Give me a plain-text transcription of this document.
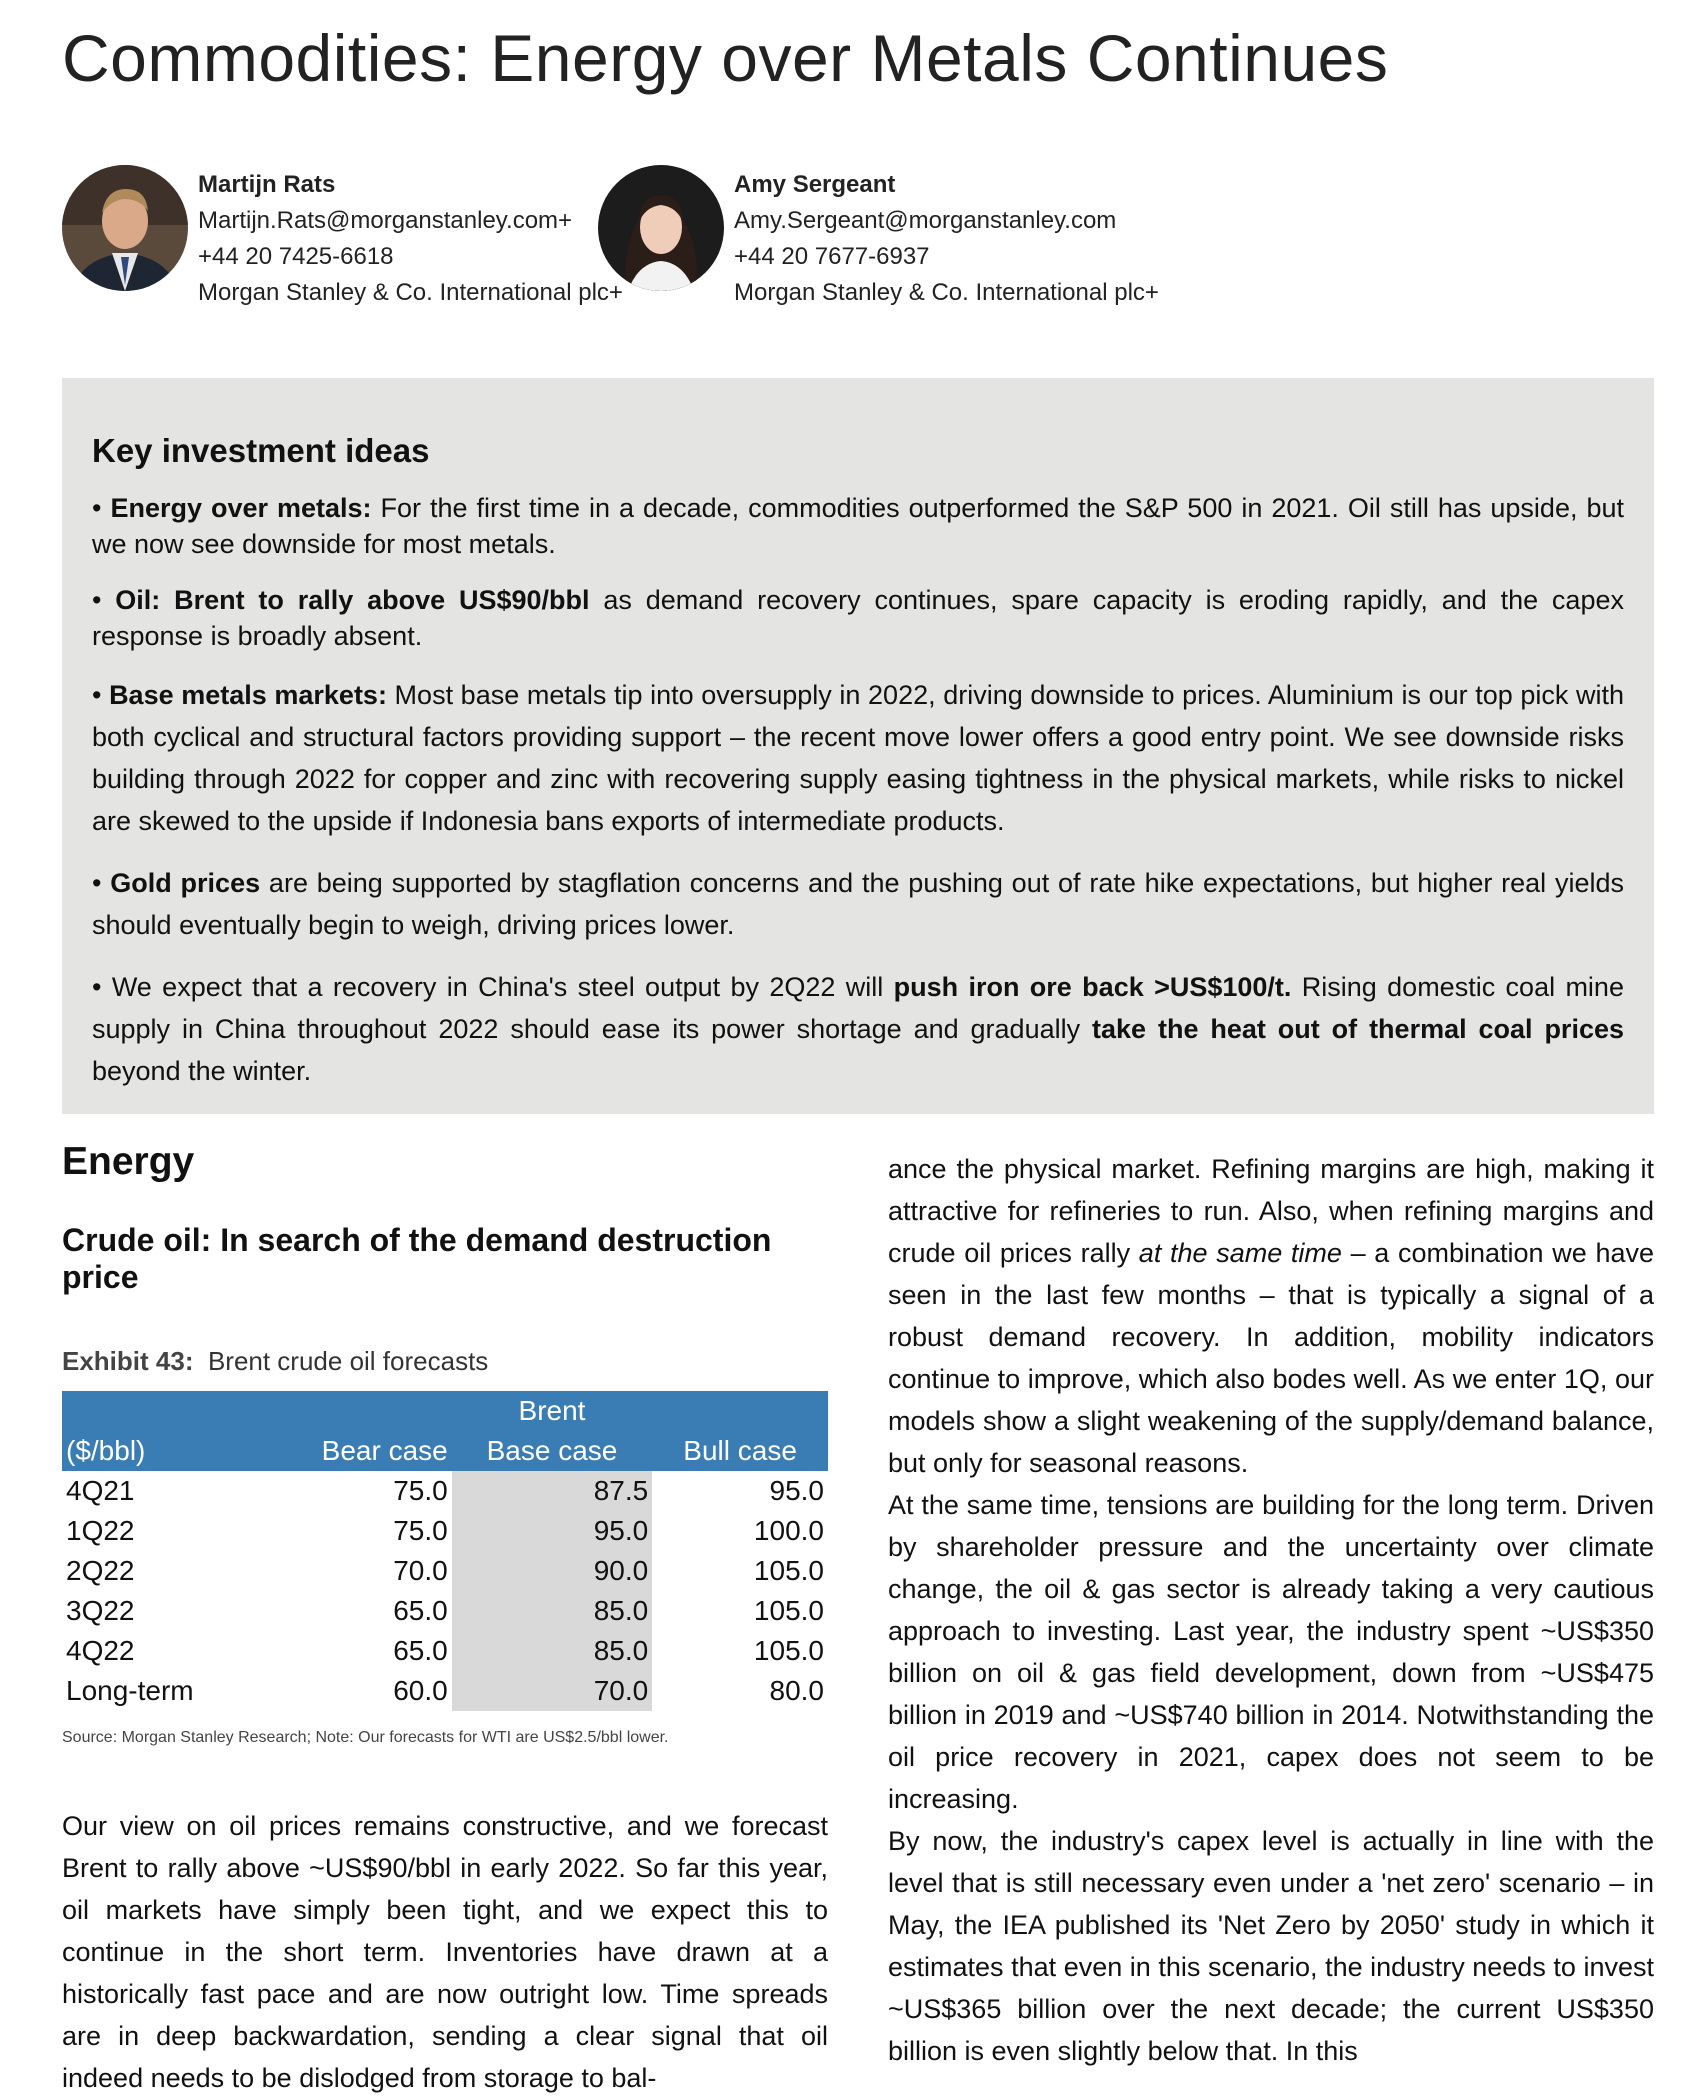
Commodities: Energy over Metals Continues
Martijn Rats
Martijn.Rats@morganstanley.com+
+44 20 7425-6618
Morgan Stanley & Co. International plc+
Amy Sergeant
Amy.Sergeant@morganstanley.com
+44 20 7677-6937
Morgan Stanley & Co. International plc+
Key investment ideas

• Energy over metals: For the first time in a decade, commodities outperformed the S&P 500 in 2021. Oil still has upside, but we now see downside for most metals.

• Oil: Brent to rally above US$90/bbl as demand recovery continues, spare capacity is eroding rapidly, and the capex response is broadly absent.

• Base metals markets: Most base metals tip into oversupply in 2022, driving downside to prices. Aluminium is our top pick with both cyclical and structural factors providing support – the recent move lower offers a good entry point. We see downside risks building through 2022 for copper and zinc with recovering supply easing tightness in the physical markets, while risks to nickel are skewed to the upside if Indonesia bans exports of intermediate products.

• Gold prices are being supported by stagflation concerns and the pushing out of rate hike expectations, but higher real yields should eventually begin to weigh, driving prices lower.

• We expect that a recovery in China's steel output by 2Q22 will push iron ore back >US$100/t. Rising domestic coal mine supply in China throughout 2022 should ease its power shortage and gradually take the heat out of thermal coal prices beyond the winter.

Energy
Crude oil: In search of the demand destruction price
Exhibit 43: Brent crude oil forecasts
		Brent	
($/bbl)	Bear case	Base case	Bull case
4Q21	75.0	87.5	95.0
1Q22	75.0	95.0	100.0
2Q22	70.0	90.0	105.0
3Q22	65.0	85.0	105.0
4Q22	65.0	85.0	105.0
Long-term	60.0	70.0	80.0
Source: Morgan Stanley Research; Note: Our forecasts for WTI are US$2.5/bbl lower.

Our view on oil prices remains constructive, and we forecast Brent to rally above ~US$90/bbl in early 2022. So far this year, oil markets have simply been tight, and we expect this to continue in the short term. Inventories have drawn at a historically fast pace and are now outright low. Time spreads are in deep backwardation, sending a clear signal that oil indeed needs to be dislodged from storage to bal-

ance the physical market. Refining margins are high, making it attractive for refineries to run. Also, when refining margins and crude oil prices rally at the same time – a combination we have seen in the last few months – that is typically a signal of a robust demand recovery. In addition, mobility indicators continue to improve, which also bodes well. As we enter 1Q, our models show a slight weakening of the supply/demand balance, but only for seasonal reasons.

At the same time, tensions are building for the long term. Driven by shareholder pressure and the uncertainty over climate change, the oil & gas sector is already taking a very cautious approach to investing. Last year, the industry spent ~US$350 billion on oil & gas field development, down from ~US$475 billion in 2019 and ~US$740 billion in 2014. Notwithstanding the oil price recovery in 2021, capex does not seem to be increasing.

By now, the industry's capex level is actually in line with the level that is still necessary even under a 'net zero' scenario – in May, the IEA published its 'Net Zero by 2050' study in which it estimates that even in this scenario, the industry needs to invest ~US$365 billion over the next decade; the current US$350 billion is even slightly below that. In this
